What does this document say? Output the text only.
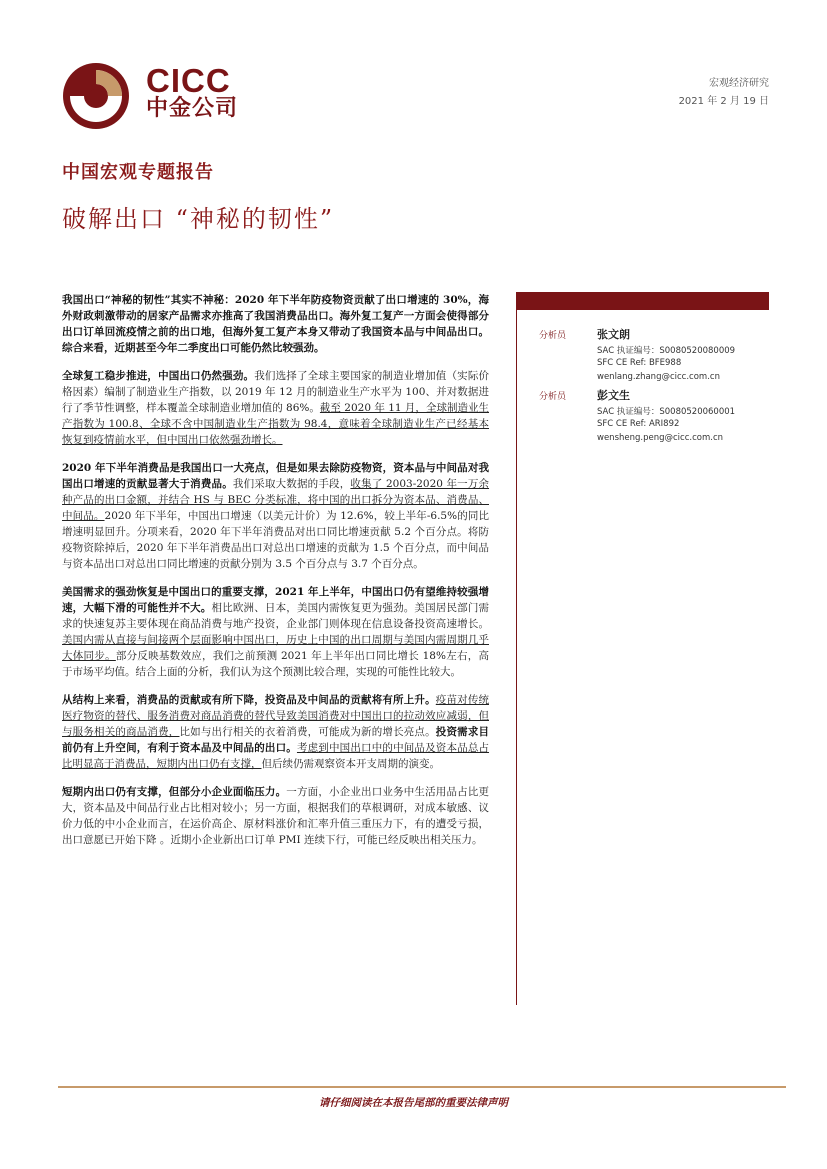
CICC
中金公司
宏观经济研究
2021 年 2 月 19 日
中国宏观专题报告
破解出口 “神秘的韧性”

我国出口“神秘的韧性”其实不神秘：2020 年下半年防疫物资贡献了出口增速的 30%，海外财政刺激带动的居家产品需求亦推高了我国消费品出口。海外复工复产一方面会使得部分出口订单回流疫情之前的出口地，但海外复工复产本身又带动了我国资本品与中间品出口。综合来看，近期甚至今年二季度出口可能仍然比较强劲。

全球复工稳步推进，中国出口仍然强劲。我们选择了全球主要国家的制造业增加值（实际价格因素）编制了制造业生产指数，以 2019 年 12 月的制造业生产水平为 100、并对数据进行了季节性调整，样本覆盖全球制造业增加值的 86%。截至 2020 年 11 月，全球制造业生产指数为 100.8、全球不含中国制造业生产指数为 98.4，意味着全球制造业生产已经基本恢复到疫情前水平，但中国出口依然强劲增长。

2020 年下半年消费品是我国出口一大亮点，但是如果去除防疫物资，资本品与中间品对我国出口增速的贡献显著大于消费品。我们采取大数据的手段，收集了 2003-2020 年一万余种产品的出口金额，并结合 HS 与 BEC 分类标准，将中国的出口拆分为资本品、消费品、中间品。2020 年下半年，中国出口增速（以美元计价）为 12.6%，较上半年-6.5%的同比增速明显回升。分项来看，2020 年下半年消费品对出口同比增速贡献 5.2 个百分点。将防疫物资除掉后，2020 年下半年消费品出口对总出口增速的贡献为 1.5 个百分点，而中间品与资本品出口对总出口同比增速的贡献分别为 3.5 个百分点与 3.7 个百分点。

美国需求的强劲恢复是中国出口的重要支撑，2021 年上半年，中国出口仍有望维持较强增速，大幅下滑的可能性并不大。相比欧洲、日本，美国内需恢复更为强劲。美国居民部门需求的快速复苏主要体现在商品消费与地产投资，企业部门则体现在信息设备投资高速增长。美国内需从直接与间接两个层面影响中国出口，历史上中国的出口周期与美国内需周期几乎大体同步。部分反映基数效应，我们之前预测 2021 年上半年出口同比增长 18%左右，高于市场平均值。结合上面的分析，我们认为这个预测比较合理，实现的可能性比较大。

从结构上来看，消费品的贡献或有所下降，投资品及中间品的贡献将有所上升。疫苗对传统医疗物资的替代、服务消费对商品消费的替代导致美国消费对中国出口的拉动效应减弱，但与服务相关的商品消费，比如与出行相关的衣着消费，可能成为新的增长亮点。投资需求目前仍有上升空间，有利于资本品及中间品的出口。考虑到中国出口中的中间品及资本品总占比明显高于消费品，短期内出口仍有支撑，但后续仍需观察资本开支周期的演变。

短期内出口仍有支撑，但部分小企业面临压力。一方面，小企业出口业务中生活用品占比更大，资本品及中间品行业占比相对较小；另一方面，根据我们的草根调研，对成本敏感、议价力低的中小企业而言，在运价高企、原材料涨价和汇率升值三重压力下，有的遭受亏损，出口意愿已开始下降 。近期小企业新出口订单 PMI 连续下行，可能已经反映出相关压力。

分析员	张文朗
SAC 执证编号：S0080520080009
SFC CE Ref: BFE988
wenlang.zhang@cicc.com.cn
分析员	彭文生
SAC 执证编号：S0080520060001
SFC CE Ref: ARI892
wensheng.peng@cicc.com.cn
请仔细阅读在本报告尾部的重要法律声明
